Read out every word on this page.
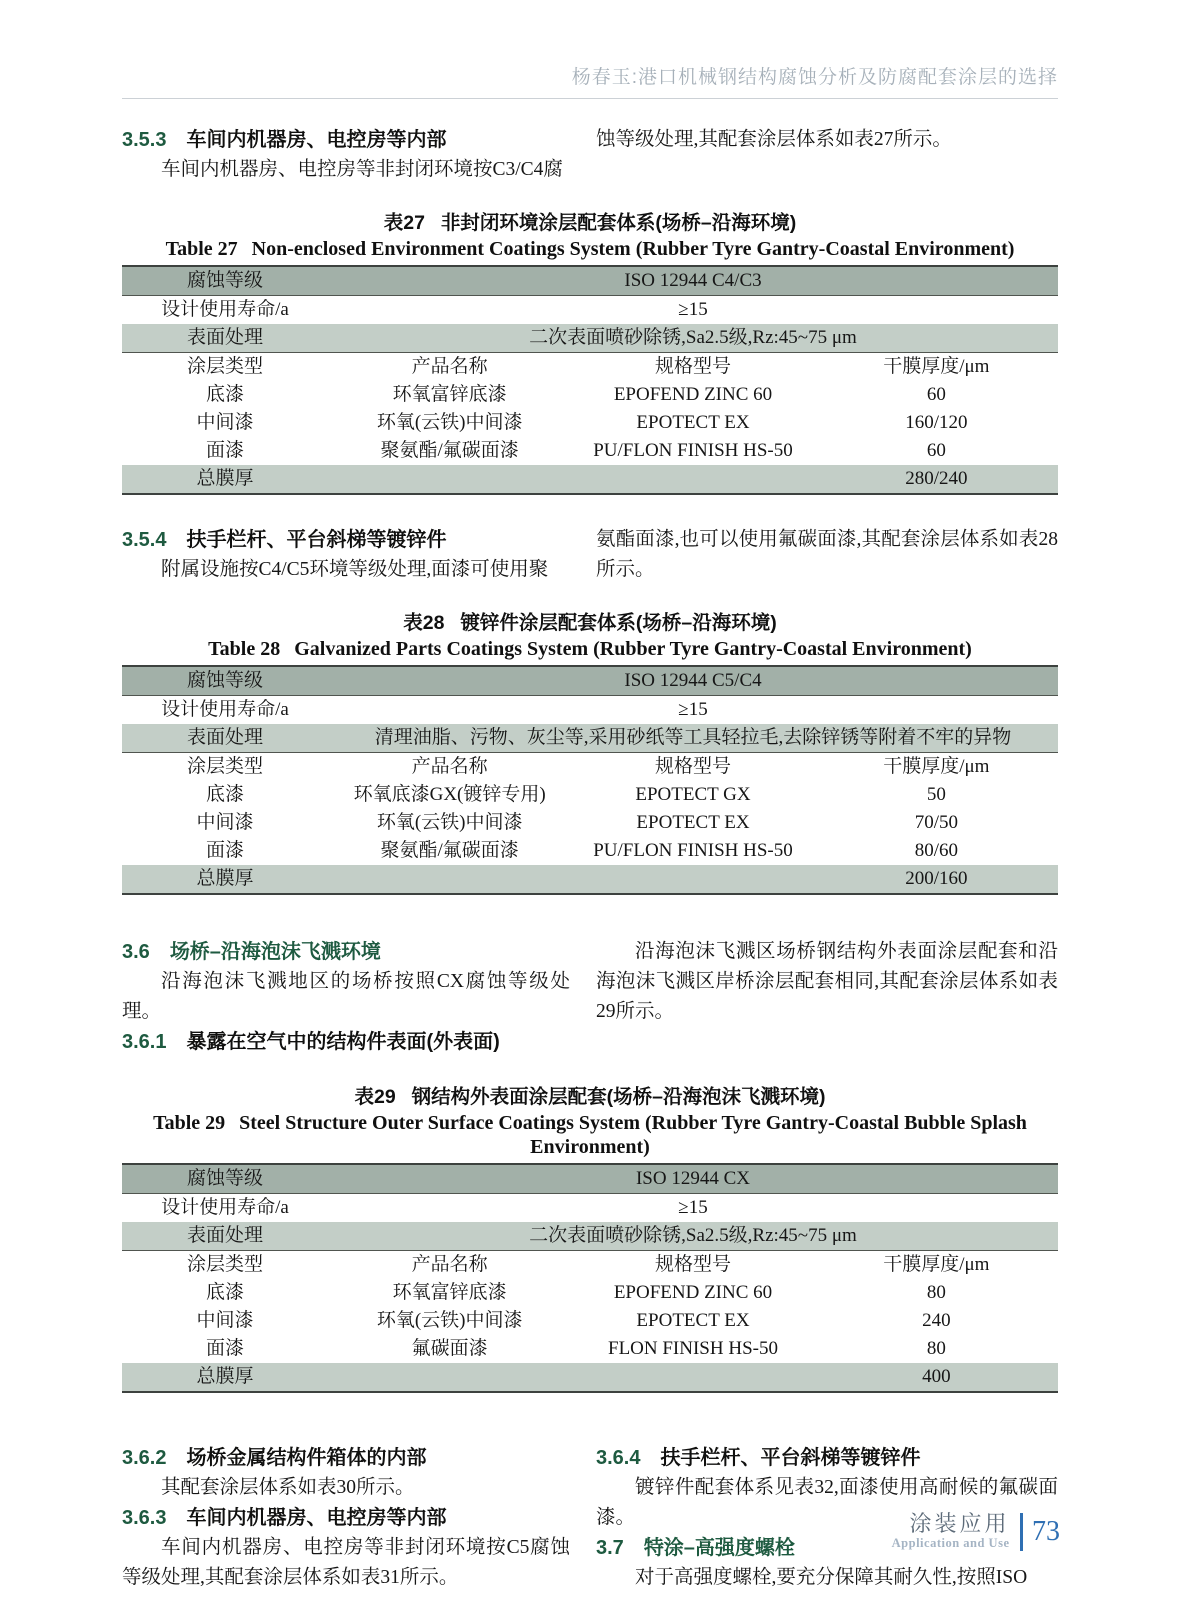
杨春玉:港口机械钢结构腐蚀分析及防腐配套涂层的选择
3.5.3 车间内机器房、电控房等内部

车间内机器房、电控房等非封闭环境按C3/C4腐

蚀等级处理,其配套涂层体系如表27所示。

表27 非封闭环境涂层配套体系(场桥–沿海环境)
Table 27 Non-enclosed Environment Coatings System (Rubber Tyre Gantry-Coastal Environment)
腐蚀等级	ISO 12944 C4/C3		
设计使用寿命/a	≥15		
表面处理	二次表面喷砂除锈,Sa2.5级,Rz:45~75 μm		
涂层类型	产品名称	规格型号	干膜厚度/μm
底漆	环氧富锌底漆	EPOFEND ZINC 60	60
中间漆	环氧(云铁)中间漆	EPOTECT EX	160/120
面漆	聚氨酯/氟碳面漆	PU/FLON FINISH HS-50	60
总膜厚			280/240
3.5.4 扶手栏杆、平台斜梯等镀锌件

附属设施按C4/C5环境等级处理,面漆可使用聚

氨酯面漆,也可以使用氟碳面漆,其配套涂层体系如表28所示。

表28 镀锌件涂层配套体系(场桥–沿海环境)
Table 28 Galvanized Parts Coatings System (Rubber Tyre Gantry-Coastal Environment)
腐蚀等级	ISO 12944 C5/C4		
设计使用寿命/a	≥15		
表面处理	清理油脂、污物、灰尘等,采用砂纸等工具轻拉毛,去除锌锈等附着不牢的异物		
涂层类型	产品名称	规格型号	干膜厚度/μm
底漆	环氧底漆GX(镀锌专用)	EPOTECT GX	50
中间漆	环氧(云铁)中间漆	EPOTECT EX	70/50
面漆	聚氨酯/氟碳面漆	PU/FLON FINISH HS-50	80/60
总膜厚			200/160
3.6 场桥–沿海泡沫飞溅环境

沿海泡沫飞溅地区的场桥按照CX腐蚀等级处理。

3.6.1 暴露在空气中的结构件表面(外表面)

沿海泡沫飞溅区场桥钢结构外表面涂层配套和沿海泡沫飞溅区岸桥涂层配套相同,其配套涂层体系如表29所示。

表29 钢结构外表面涂层配套(场桥–沿海泡沫飞溅环境)
Table 29 Steel Structure Outer Surface Coatings System (Rubber Tyre Gantry-Coastal Bubble Splash Environment)
腐蚀等级	ISO 12944 CX		
设计使用寿命/a	≥15		
表面处理	二次表面喷砂除锈,Sa2.5级,Rz:45~75 μm		
涂层类型	产品名称	规格型号	干膜厚度/μm
底漆	环氧富锌底漆	EPOFEND ZINC 60	80
中间漆	环氧(云铁)中间漆	EPOTECT EX	240
面漆	氟碳面漆	FLON FINISH HS-50	80
总膜厚			400
3.6.2 场桥金属结构件箱体的内部

其配套涂层体系如表30所示。

3.6.3 车间内机器房、电控房等内部

车间内机器房、电控房等非封闭环境按C5腐蚀等级处理,其配套涂层体系如表31所示。

3.6.4 扶手栏杆、平台斜梯等镀锌件

镀锌件配套体系见表32,面漆使用高耐候的氟碳面漆。

3.7 特涂–高强度螺栓

对于高强度螺栓,要充分保障其耐久性,按照ISO

涂装应用
Application and Use 73
